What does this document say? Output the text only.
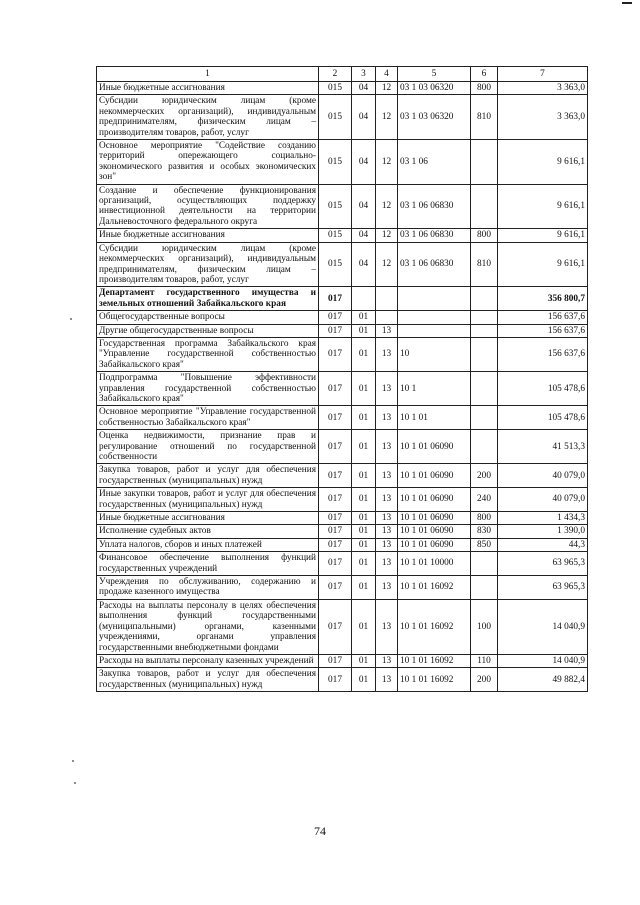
1	2	3	4	5	6	7
Иные бюджетные ассигнования	015	04	12	03 1 03 06320	800	3 363,0
Субсидии юридическим лицам (кроме некоммерческих организаций), индивидуальным предпринимателям, физическим лицам – производителям товаров, работ, услуг	015	04	12	03 1 03 06320	810	3 363,0
Основное мероприятие "Содействие созданию территорий опережающего социально-экономического развития и особых экономических зон"	015	04	12	03 1 06		9 616,1
Создание и обеспечение функционирования организаций, осуществляющих поддержку инвестиционной деятельности на территории Дальневосточного федерального округа	015	04	12	03 1 06 06830		9 616,1
Иные бюджетные ассигнования	015	04	12	03 1 06 06830	800	9 616,1
Субсидии юридическим лицам (кроме некоммерческих организаций), индивидуальным предпринимателям, физическим лицам – производителям товаров, работ, услуг	015	04	12	03 1 06 06830	810	9 616,1
Департамент государственного имущества и земельных отношений Забайкальского края	017					356 800,7
Общегосударственные вопросы	017	01				156 637,6
Другие общегосударственные вопросы	017	01	13			156 637,6
Государственная программа Забайкальского края "Управление государственной собственностью Забайкальского края"	017	01	13	10		156 637,6
Подпрограмма "Повышение эффективности управления государственной собственностью Забайкальского края"	017	01	13	10 1		105 478,6
Основное мероприятие "Управление государственной собственностью Забайкальского края"	017	01	13	10 1 01		105 478,6
Оценка недвижимости, признание прав и регулирование отношений по государственной собственности	017	01	13	10 1 01 06090		41 513,3
Закупка товаров, работ и услуг для обеспечения государственных (муниципальных) нужд	017	01	13	10 1 01 06090	200	40 079,0
Иные закупки товаров, работ и услуг для обеспечения государственных (муниципальных) нужд	017	01	13	10 1 01 06090	240	40 079,0
Иные бюджетные ассигнования	017	01	13	10 1 01 06090	800	1 434,3
Исполнение судебных актов	017	01	13	10 1 01 06090	830	1 390,0
Уплата налогов, сборов и иных платежей	017	01	13	10 1 01 06090	850	44,3
Финансовое обеспечение выполнения функций государственных учреждений	017	01	13	10 1 01 10000		63 965,3
Учреждения по обслуживанию, содержанию и продаже казенного имущества	017	01	13	10 1 01 16092		63 965,3
Расходы на выплаты персоналу в целях обеспечения выполнения функций государственными (муниципальными) органами, казенными учреждениями, органами управления государственными внебюджетными фондами	017	01	13	10 1 01 16092	100	14 040,9
Расходы на выплаты персоналу казенных учреждений	017	01	13	10 1 01 16092	110	14 040,9
Закупка товаров, работ и услуг для обеспечения государственных (муниципальных) нужд	017	01	13	10 1 01 16092	200	49 882,4
74
